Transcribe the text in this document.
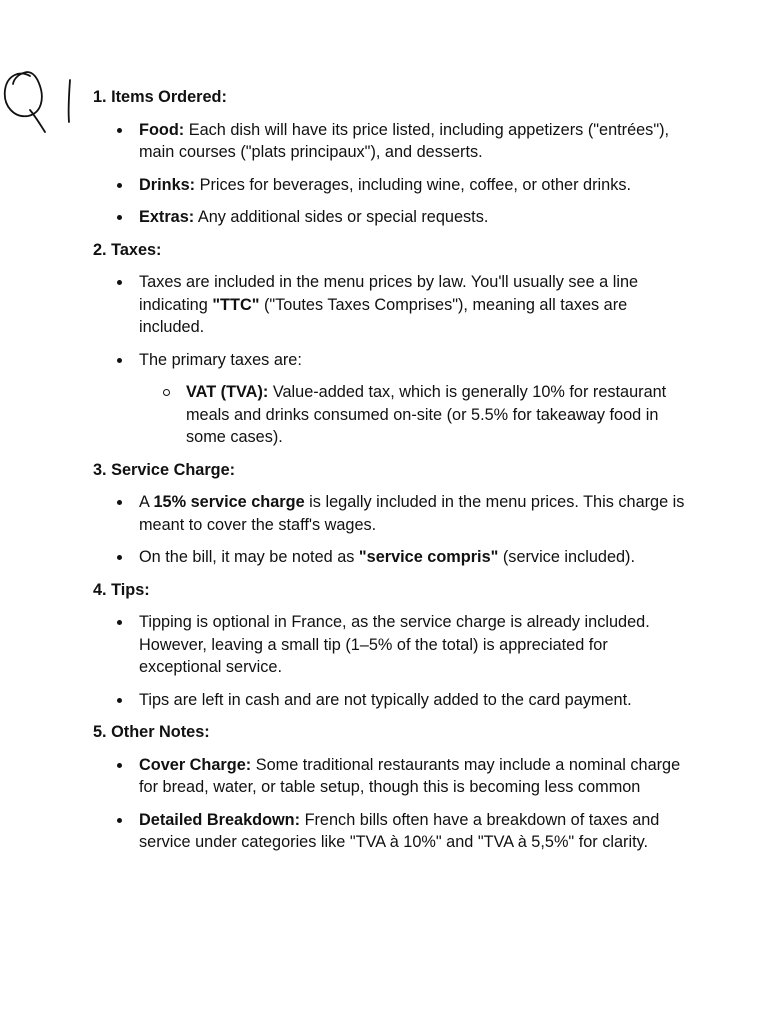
1. Items Ordered:
Food: Each dish will have its price listed, including appetizers ("entrées"), main courses ("plats principaux"), and desserts.
Drinks: Prices for beverages, including wine, coffee, or other drinks.
Extras: Any additional sides or special requests.
2. Taxes:
Taxes are included in the menu prices by law. You'll usually see a line indicating "TTC" ("Toutes Taxes Comprises"), meaning all taxes are included.
The primary taxes are:
VAT (TVA): Value-added tax, which is generally 10% for restaurant meals and drinks consumed on-site (or 5.5% for takeaway food in some cases).
3. Service Charge:
A 15% service charge is legally included in the menu prices. This charge is meant to cover the staff's wages.
On the bill, it may be noted as "service compris" (service included).
4. Tips:
Tipping is optional in France, as the service charge is already included. However, leaving a small tip (1–5% of the total) is appreciated for exceptional service.
Tips are left in cash and are not typically added to the card payment.
5. Other Notes:
Cover Charge: Some traditional restaurants may include a nominal charge for bread, water, or table setup, though this is becoming less common
Detailed Breakdown: French bills often have a breakdown of taxes and service under categories like "TVA à 10%" and "TVA à 5,5%" for clarity.
